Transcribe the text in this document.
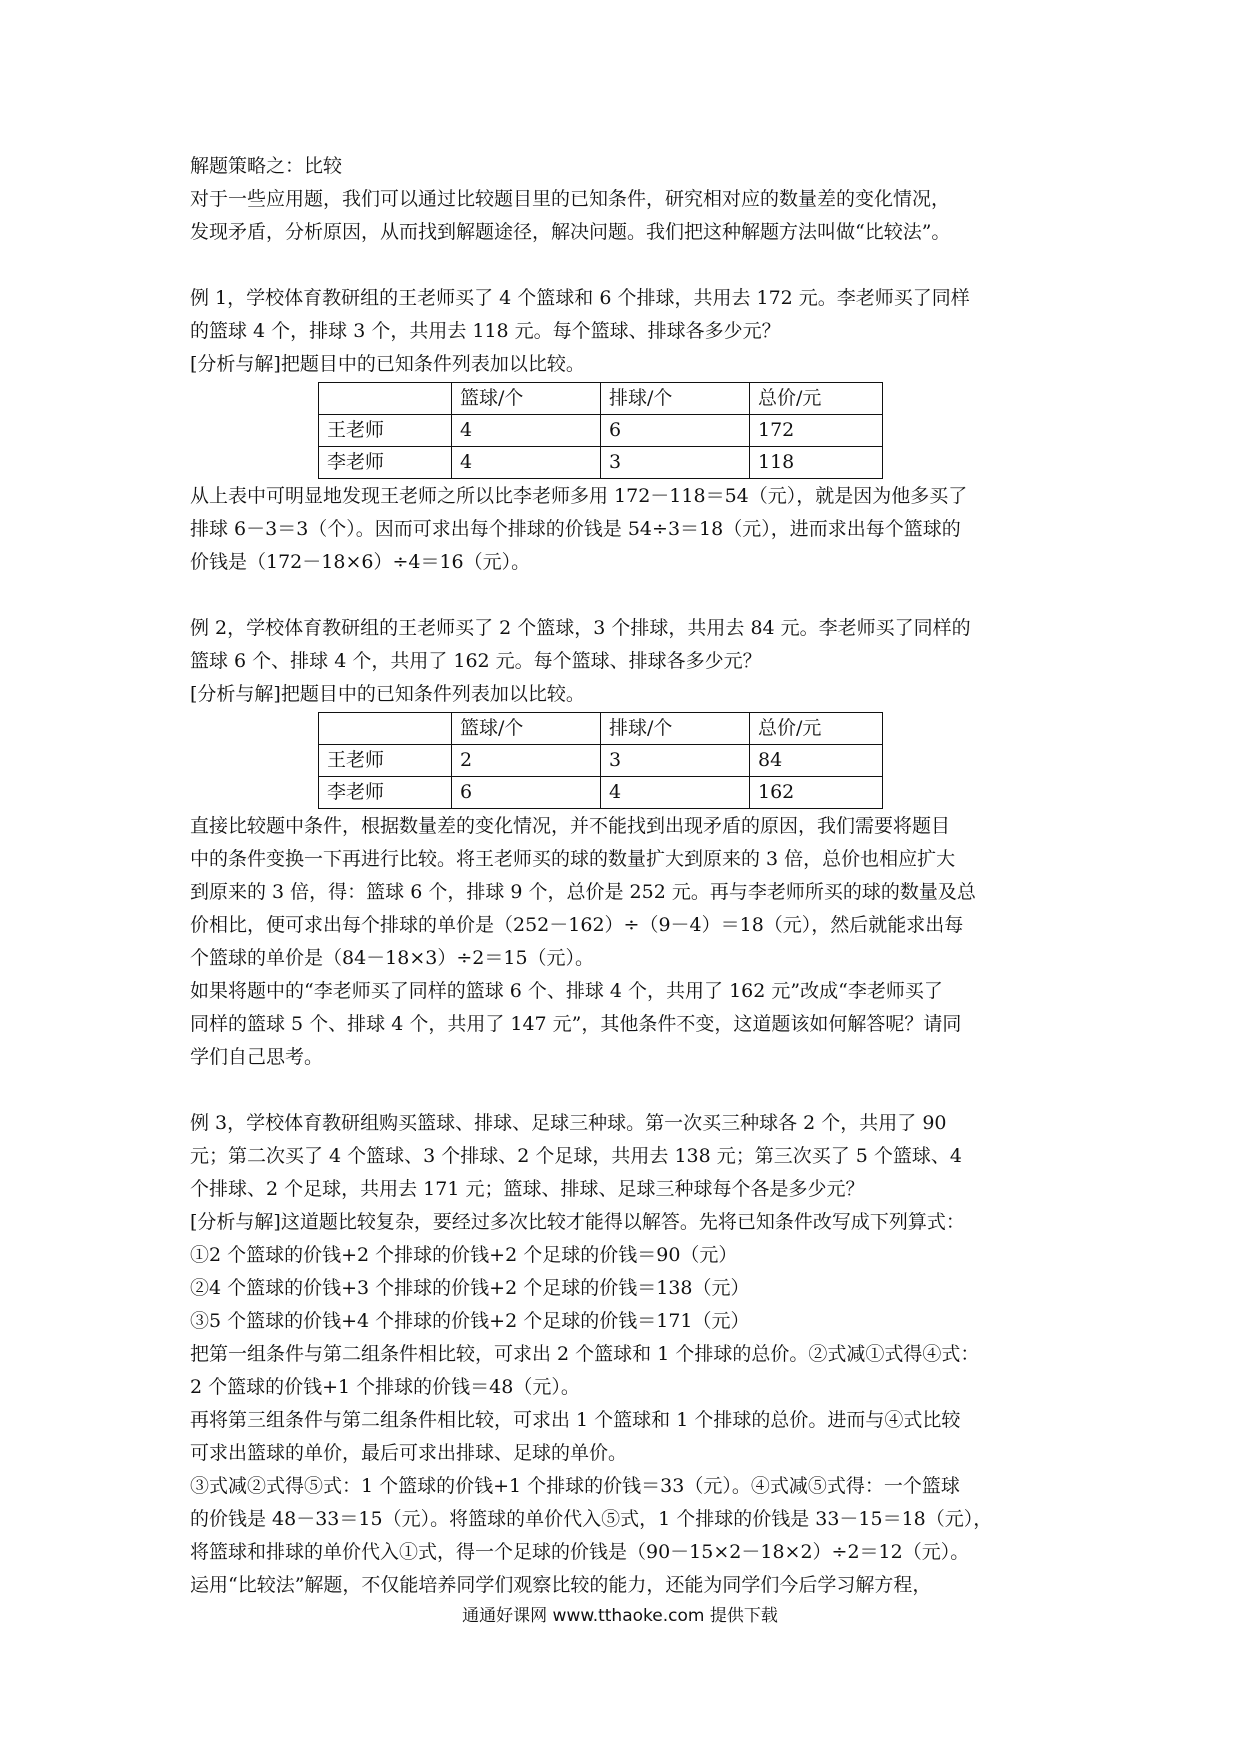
解题策略之：比较
对于一些应用题，我们可以通过比较题目里的已知条件，研究相对应的数量差的变化情况，
发现矛盾，分析原因，从而找到解题途径，解决问题。我们把这种解题方法叫做“比较法”。
例 1，学校体育教研组的王老师买了 4 个篮球和 6 个排球，共用去 172 元。李老师买了同样
的篮球 4 个，排球 3 个，共用去 118 元。每个篮球、排球各多少元？
[分析与解]把题目中的已知条件列表加以比较。
	篮球/个	排球/个	总价/元
王老师	4	6	172
李老师	4	3	118
从上表中可明显地发现王老师之所以比李老师多用 172－118＝54（元），就是因为他多买了
排球 6－3＝3（个）。因而可求出每个排球的价钱是 54÷3＝18（元），进而求出每个篮球的
价钱是（172－18×6）÷4＝16（元）。
例 2，学校体育教研组的王老师买了 2 个篮球，3 个排球，共用去 84 元。李老师买了同样的
篮球 6 个、排球 4 个，共用了 162 元。每个篮球、排球各多少元？
[分析与解]把题目中的已知条件列表加以比较。
	篮球/个	排球/个	总价/元
王老师	2	3	84
李老师	6	4	162
直接比较题中条件，根据数量差的变化情况，并不能找到出现矛盾的原因，我们需要将题目
中的条件变换一下再进行比较。将王老师买的球的数量扩大到原来的 3 倍，总价也相应扩大
到原来的 3 倍，得：篮球 6 个，排球 9 个，总价是 252 元。再与李老师所买的球的数量及总
价相比，便可求出每个排球的单价是（252－162）÷（9－4）＝18（元），然后就能求出每
个篮球的单价是（84－18×3）÷2＝15（元）。
如果将题中的“李老师买了同样的篮球 6 个、排球 4 个，共用了 162 元”改成“李老师买了
同样的篮球 5 个、排球 4 个，共用了 147 元”，其他条件不变，这道题该如何解答呢？请同
学们自己思考。
例 3，学校体育教研组购买篮球、排球、足球三种球。第一次买三种球各 2 个，共用了 90
元；第二次买了 4 个篮球、3 个排球、2 个足球，共用去 138 元；第三次买了 5 个篮球、4
个排球、2 个足球，共用去 171 元；篮球、排球、足球三种球每个各是多少元？
[分析与解]这道题比较复杂，要经过多次比较才能得以解答。先将已知条件改写成下列算式：
①2 个篮球的价钱+2 个排球的价钱+2 个足球的价钱＝90（元）
②4 个篮球的价钱+3 个排球的价钱+2 个足球的价钱＝138（元）
③5 个篮球的价钱+4 个排球的价钱+2 个足球的价钱＝171（元）
把第一组条件与第二组条件相比较，可求出 2 个篮球和 1 个排球的总价。②式减①式得④式：
2 个篮球的价钱+1 个排球的价钱＝48（元）。
再将第三组条件与第二组条件相比较，可求出 1 个篮球和 1 个排球的总价。进而与④式比较
可求出篮球的单价，最后可求出排球、足球的单价。
③式减②式得⑤式：1 个篮球的价钱+1 个排球的价钱＝33（元）。④式减⑤式得：一个篮球
的价钱是 48－33＝15（元）。将篮球的单价代入⑤式，1 个排球的价钱是 33－15＝18（元），
将篮球和排球的单价代入①式，得一个足球的价钱是（90－15×2－18×2）÷2＝12（元）。
运用“比较法”解题，不仅能培养同学们观察比较的能力，还能为同学们今后学习解方程，
通通好课网 www.tthaoke.com 提供下载
